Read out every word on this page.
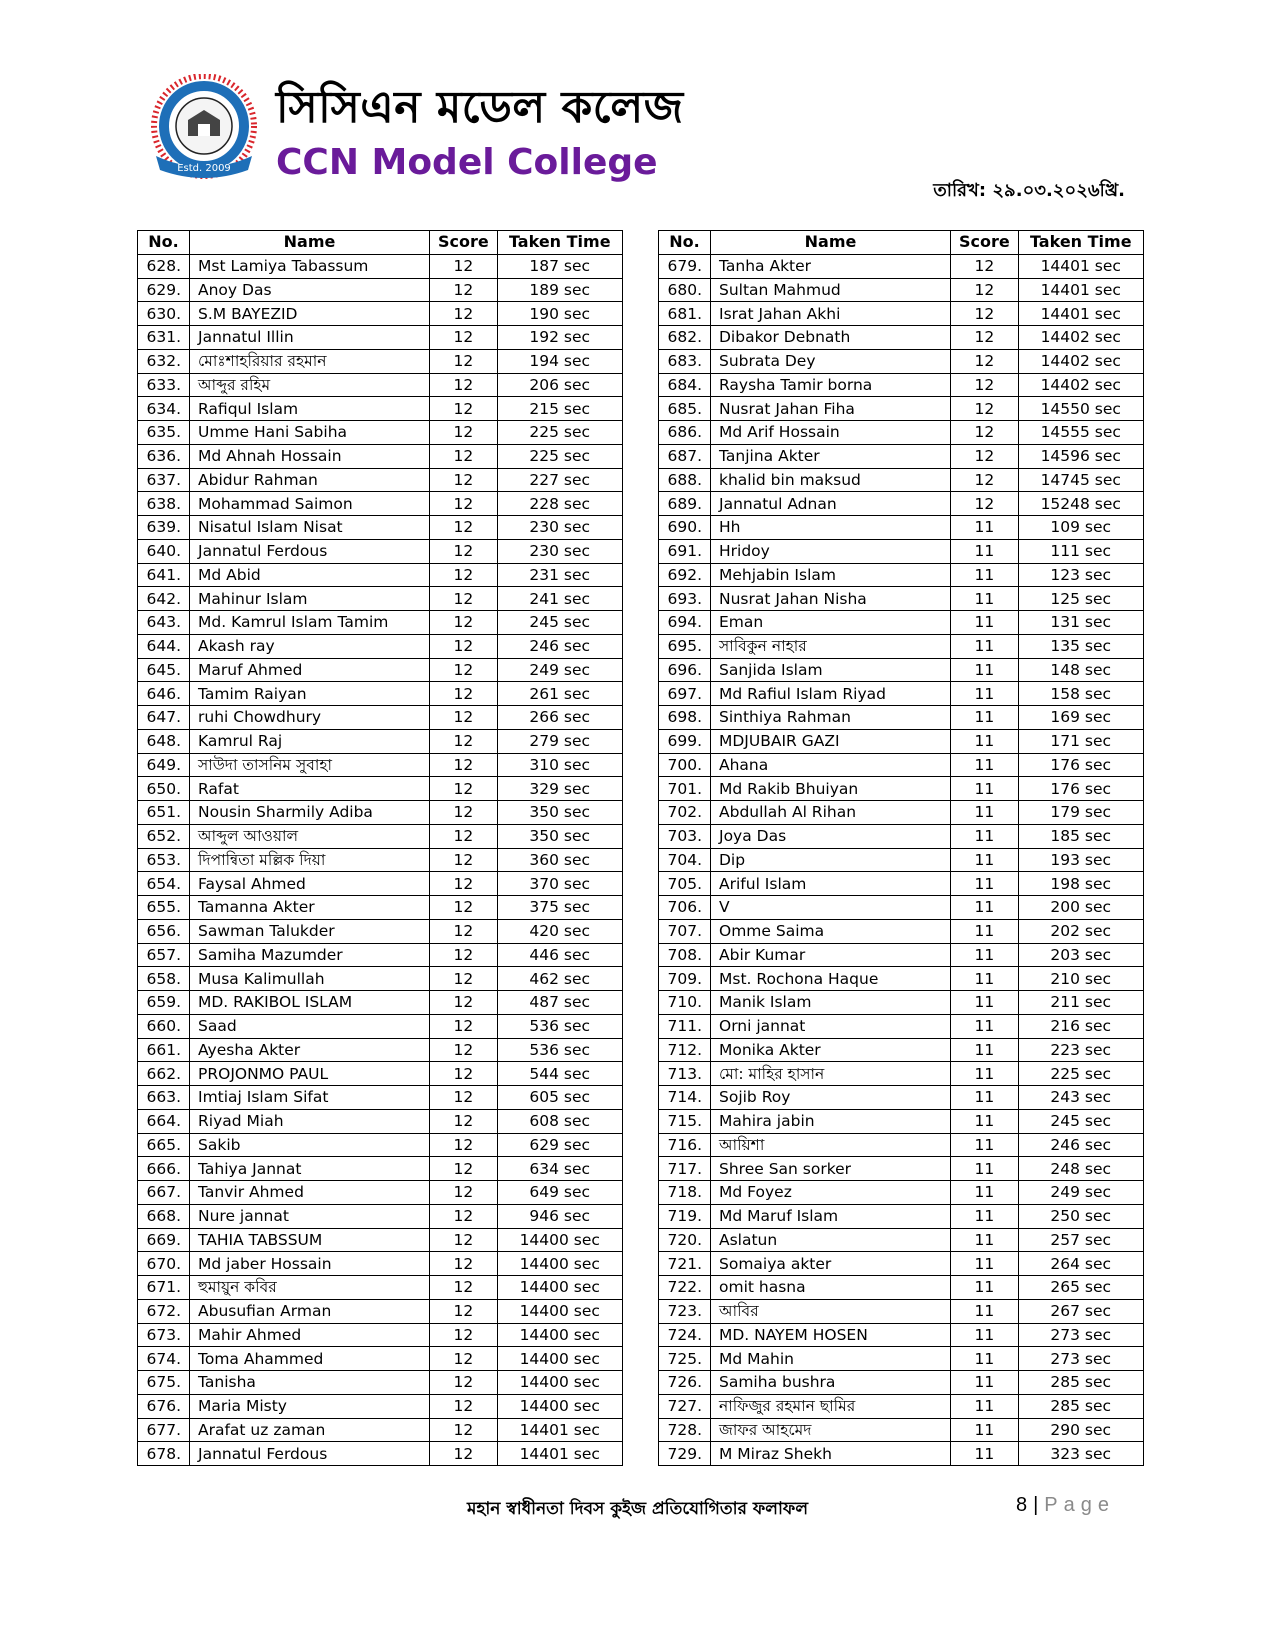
Estd. 2009
সিসিএন মডেল কলেজ
CCN Model College
তারিখ: ২৯.০৩.২০২৬খ্রি.
No.	Name	Score	Taken Time
628.	Mst Lamiya Tabassum	12	187 sec
629.	Anoy Das	12	189 sec
630.	S.M BAYEZID	12	190 sec
631.	Jannatul Illin	12	192 sec
632.	মোঃশাহরিয়ার রহমান	12	194 sec
633.	আব্দুর রহিম	12	206 sec
634.	Rafiqul Islam	12	215 sec
635.	Umme Hani Sabiha	12	225 sec
636.	Md Ahnah Hossain	12	225 sec
637.	Abidur Rahman	12	227 sec
638.	Mohammad Saimon	12	228 sec
639.	Nisatul Islam Nisat	12	230 sec
640.	Jannatul Ferdous	12	230 sec
641.	Md Abid	12	231 sec
642.	Mahinur Islam	12	241 sec
643.	Md. Kamrul Islam Tamim	12	245 sec
644.	Akash ray	12	246 sec
645.	Maruf Ahmed	12	249 sec
646.	Tamim Raiyan	12	261 sec
647.	ruhi Chowdhury	12	266 sec
648.	Kamrul Raj	12	279 sec
649.	সাউদা তাসনিম সুবাহা	12	310 sec
650.	Rafat	12	329 sec
651.	Nousin Sharmily Adiba	12	350 sec
652.	আব্দুল আওয়াল	12	350 sec
653.	দিপান্বিতা মল্লিক দিয়া	12	360 sec
654.	Faysal Ahmed	12	370 sec
655.	Tamanna Akter	12	375 sec
656.	Sawman Talukder	12	420 sec
657.	Samiha Mazumder	12	446 sec
658.	Musa Kalimullah	12	462 sec
659.	MD. RAKIBOL ISLAM	12	487 sec
660.	Saad	12	536 sec
661.	Ayesha Akter	12	536 sec
662.	PROJONMO PAUL	12	544 sec
663.	Imtiaj Islam Sifat	12	605 sec
664.	Riyad Miah	12	608 sec
665.	Sakib	12	629 sec
666.	Tahiya Jannat	12	634 sec
667.	Tanvir Ahmed	12	649 sec
668.	Nure jannat	12	946 sec
669.	TAHIA TABSSUM	12	14400 sec
670.	Md jaber Hossain	12	14400 sec
671.	হুমায়ুন কবির	12	14400 sec
672.	Abusufian Arman	12	14400 sec
673.	Mahir Ahmed	12	14400 sec
674.	Toma Ahammed	12	14400 sec
675.	Tanisha	12	14400 sec
676.	Maria Misty	12	14400 sec
677.	Arafat uz zaman	12	14401 sec
678.	Jannatul Ferdous	12	14401 sec
No.	Name	Score	Taken Time
679.	Tanha Akter	12	14401 sec
680.	Sultan Mahmud	12	14401 sec
681.	Israt Jahan Akhi	12	14401 sec
682.	Dibakor Debnath	12	14402 sec
683.	Subrata Dey	12	14402 sec
684.	Raysha Tamir borna	12	14402 sec
685.	Nusrat Jahan Fiha	12	14550 sec
686.	Md Arif Hossain	12	14555 sec
687.	Tanjina Akter	12	14596 sec
688.	khalid bin maksud	12	14745 sec
689.	Jannatul Adnan	12	15248 sec
690.	Hh	11	109 sec
691.	Hridoy	11	111 sec
692.	Mehjabin Islam	11	123 sec
693.	Nusrat Jahan Nisha	11	125 sec
694.	Eman	11	131 sec
695.	সাবিকুন নাহার	11	135 sec
696.	Sanjida Islam	11	148 sec
697.	Md Rafiul Islam Riyad	11	158 sec
698.	Sinthiya Rahman	11	169 sec
699.	MDJUBAIR GAZI	11	171 sec
700.	Ahana	11	176 sec
701.	Md Rakib Bhuiyan	11	176 sec
702.	Abdullah Al Rihan	11	179 sec
703.	Joya Das	11	185 sec
704.	Dip	11	193 sec
705.	Ariful Islam	11	198 sec
706.	V	11	200 sec
707.	Omme Saima	11	202 sec
708.	Abir Kumar	11	203 sec
709.	Mst. Rochona Haque	11	210 sec
710.	Manik Islam	11	211 sec
711.	Orni jannat	11	216 sec
712.	Monika Akter	11	223 sec
713.	মো: মাহির হাসান	11	225 sec
714.	Sojib Roy	11	243 sec
715.	Mahira jabin	11	245 sec
716.	আয়িশা	11	246 sec
717.	Shree San sorker	11	248 sec
718.	Md Foyez	11	249 sec
719.	Md Maruf Islam	11	250 sec
720.	Aslatun	11	257 sec
721.	Somaiya akter	11	264 sec
722.	omit hasna	11	265 sec
723.	আবির	11	267 sec
724.	MD. NAYEM HOSEN	11	273 sec
725.	Md Mahin	11	273 sec
726.	Samiha bushra	11	285 sec
727.	নাফিজুর রহমান ছামির	11	285 sec
728.	জাফর আহমেদ	11	290 sec
729.	M Miraz Shekh	11	323 sec
মহান স্বাধীনতা দিবস কুইজ প্রতিযোগিতার ফলাফল	8 | Page
